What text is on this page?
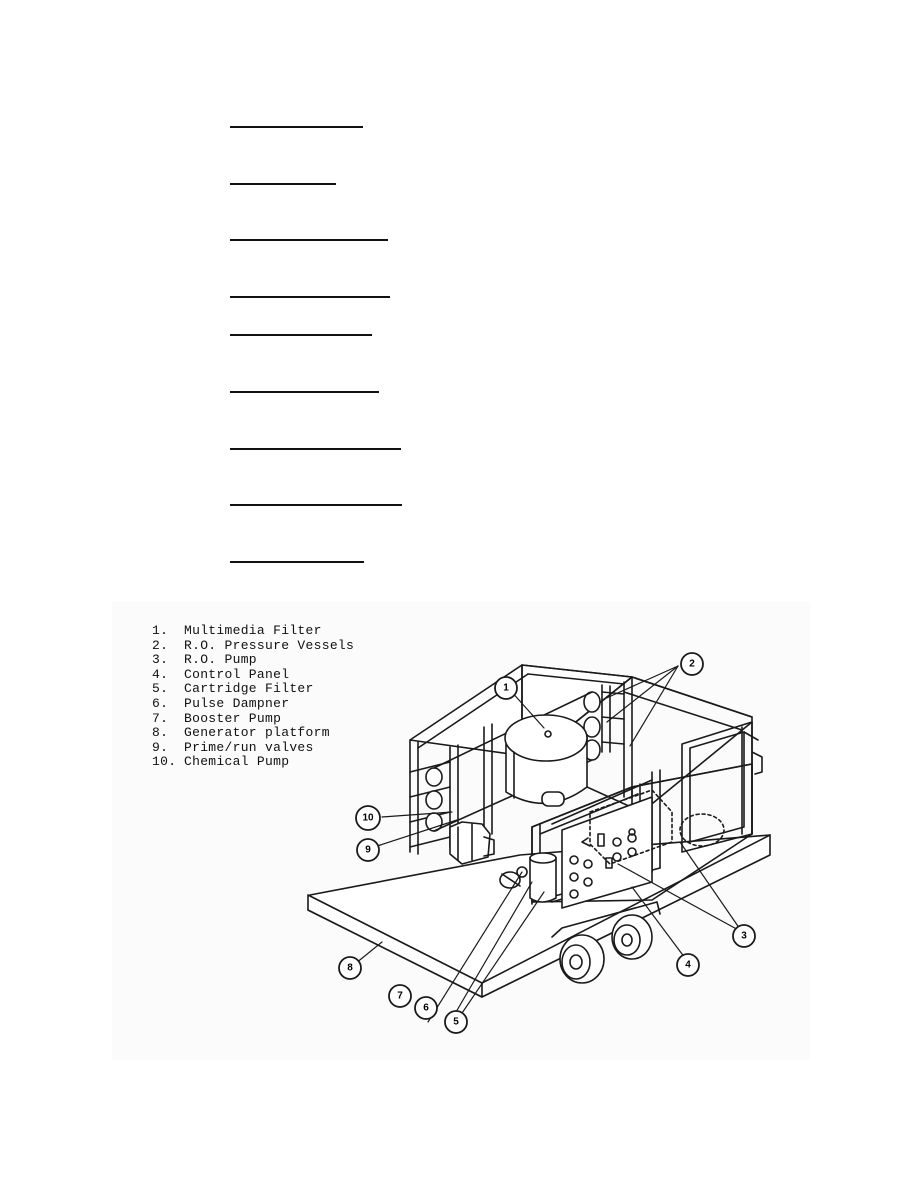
1. Multimedia Filter
2. R.O. Pressure Vessels
3. R.O. Pump
4. Control Panel
5. Cartridge Filter
6. Pulse Dampner
7. Booster Pump
8. Generator platform
9. Prime/run valves
10. Chemical Pump
1
2
3
4
5
6
7
8
9
10
